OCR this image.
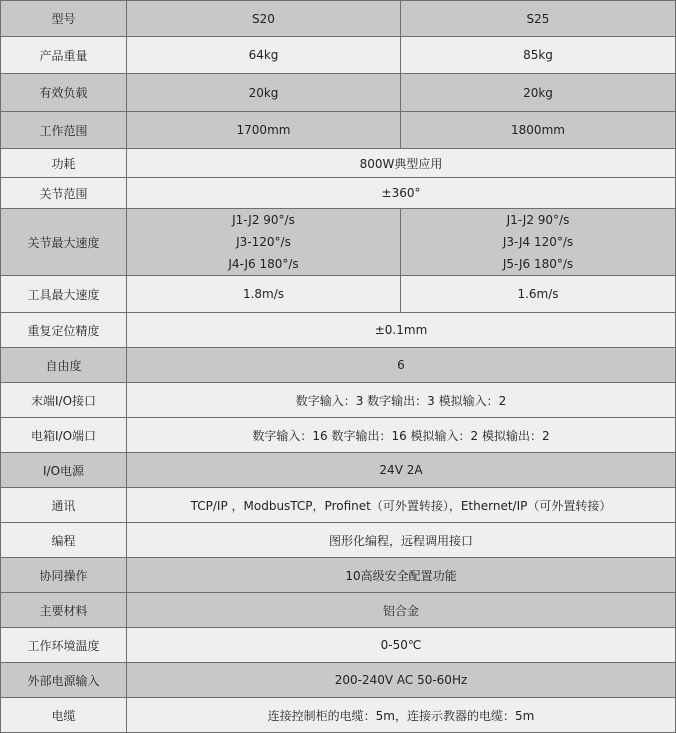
型号	S20	S25
产品重量	64kg	85kg
有效负载	20kg	20kg
工作范围	1700mm	1800mm
功耗	800W典型应用	
关节范围	±360°	
关节最大速度	J1-J2 90°/s
J3-120°/s
J4-J6 180°/s	J1-J2 90°/s
J3-J4 120°/s
J5-J6 180°/s

工具最大速度	1.8m/s	1.6m/s
重复定位精度	±0.1mm	
自由度	6	
末端I/O接口	数字输入：3 数字输出：3 模拟输入：2	
电箱I/O端口	数字输入：16 数字输出：16 模拟输入：2 模拟输出：2	
I/O电源	24V 2A	
通讯	TCP/IP ，ModbusTCP，Profinet（可外置转接），Ethernet/IP（可外置转接）	
编程	图形化编程，远程调用接口	
协同操作	10高级安全配置功能	
主要材料	铝合金	
工作环境温度	0-50℃	
外部电源输入	200-240V AC 50-60Hz	
电缆	连接控制柜的电缆：5m，连接示教器的电缆：5m	
